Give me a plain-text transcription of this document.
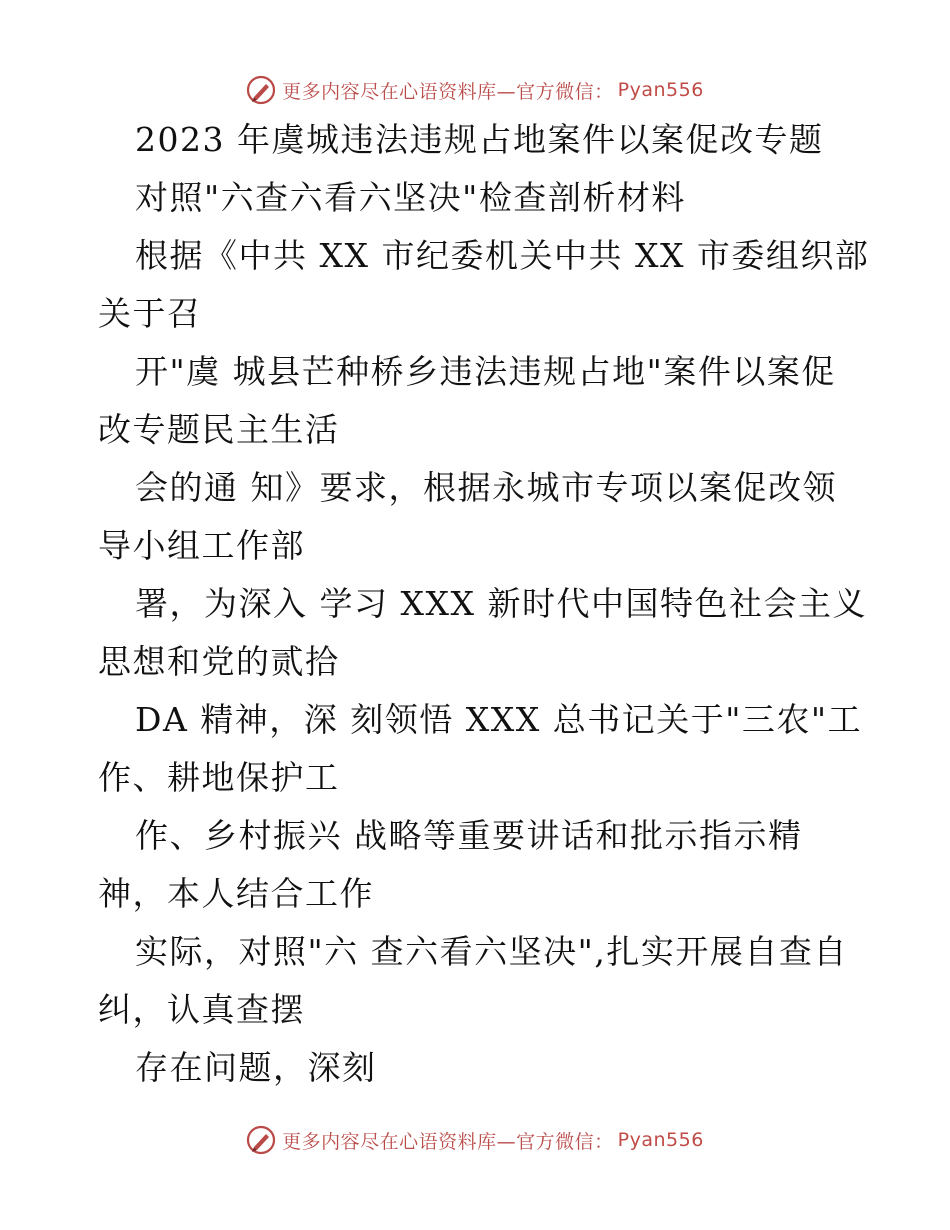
更多内容尽在心语资料库—官方微信： Pyan556
2023 年虞城违法违规占地案件以案促改专题
对照"六查六看六坚决"检查剖析材料
根据《中共 XX 市纪委机关中共 XX 市委组织部
关于召
开"虞 城县芒种桥乡违法违规占地"案件以案促
改专题民主生活
会的通 知》要求，根据永城市专项以案促改领
导小组工作部
署，为深入 学习 XXX 新时代中国特色社会主义
思想和党的贰拾
DA 精神，深 刻领悟 XXX 总书记关于"三农"工
作、耕地保护工
作、乡村振兴 战略等重要讲话和批示指示精
神，本人结合工作
实际，对照"六 查六看六坚决",扎实开展自查自
纠，认真查摆
存在问题，深刻
更多内容尽在心语资料库—官方微信： Pyan556
